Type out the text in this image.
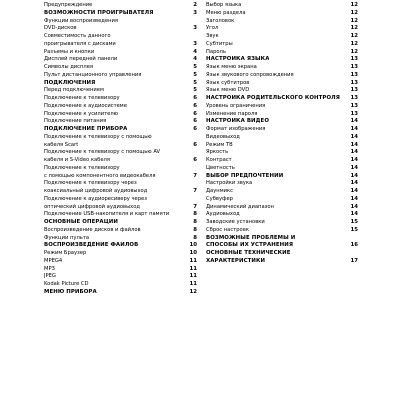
Предупреждение	2
ВОЗМОЖНОСТИ ПРОИГРЫВАТЕЛЯ	3
Функции воспроизведения
DVD-дисков	3
Совместимость данного
проигрывателя с дисками	3
Разъемы и кнопки	4
Дисплей передней панели	4
Символы дисплея	5
Пульт дистанционного управления	5
ПОДКЛЮЧЕНИЯ	5
Перед подключением	5
Подключение к телевизору	6
Подключение к аудиосистеме	6
Подключение к усилителю	6
Подключение питания	6
ПОДКЛЮЧЕНИЕ ПРИБОРА	6
Подключение к телевизору с помощью
кабеля Scart	6
Подключение к телевизору с помощью AV
кабеля и S-Video кабеля	6
Подключение к телевизору
с помощью компонентного видеокабеля	7
Подключение к телевизору через
коаксиальный цифровой аудиовыход	7
Подключение к аудиоресиверу через
оптический цифровой аудиовыход	7
Подключение USB-накопителя и карт памяти	8
ОСНОВНЫЕ ОПЕРАЦИИ	8
Воспроизведение дисков и файлов	8
Функции пульта	8
ВОСПРОИЗВЕДЕНИЕ ФАЙЛОВ	10
Режим Браузер	10
MPEG4	11
MP3	11
JPEG	11
Kodak Picture CD	11
МЕНЮ ПРИБОРА	12
Выбор языка	12
Меню раздела	12
Заголовок	12
Угол	12
Звук	12
Субтитры	12
Пароль	12
НАСТРОЙКА ЯЗЫКА	13
Язык меню экрана	13
Язык звукового сопровождения	13
Язык субтитров	13
Язык меню DVD	13
НАСТРОЙКА РОДИТЕЛЬСКОГО КОНТРОЛЯ 13
Уровень ограничения	13
Изменение пароля	13
НАСТРОЙКА ВИДЕО	14
Формат изображения	14
Видеовыход	14
Режим ТВ	14
Яркость	14
Контраст	14
Цветность	14
ВЫБОР ПРЕДПОЧТЕНИЙ	14
Настройки звука	14
Даунмикс	14
Субвуфер	14
Динамический диапазон	14
Аудиовыход	14
Заводские установки	15
Сброс настроек	15
ВОЗМОЖНЫЕ ПРОБЛЕМЫ И
СПОСОБЫ ИХ УСТРАНЕНИЯ	16
ОСНОВНЫЕ ТЕХНИЧЕСКИЕ
ХАРАКТЕРИСТИКИ	17
